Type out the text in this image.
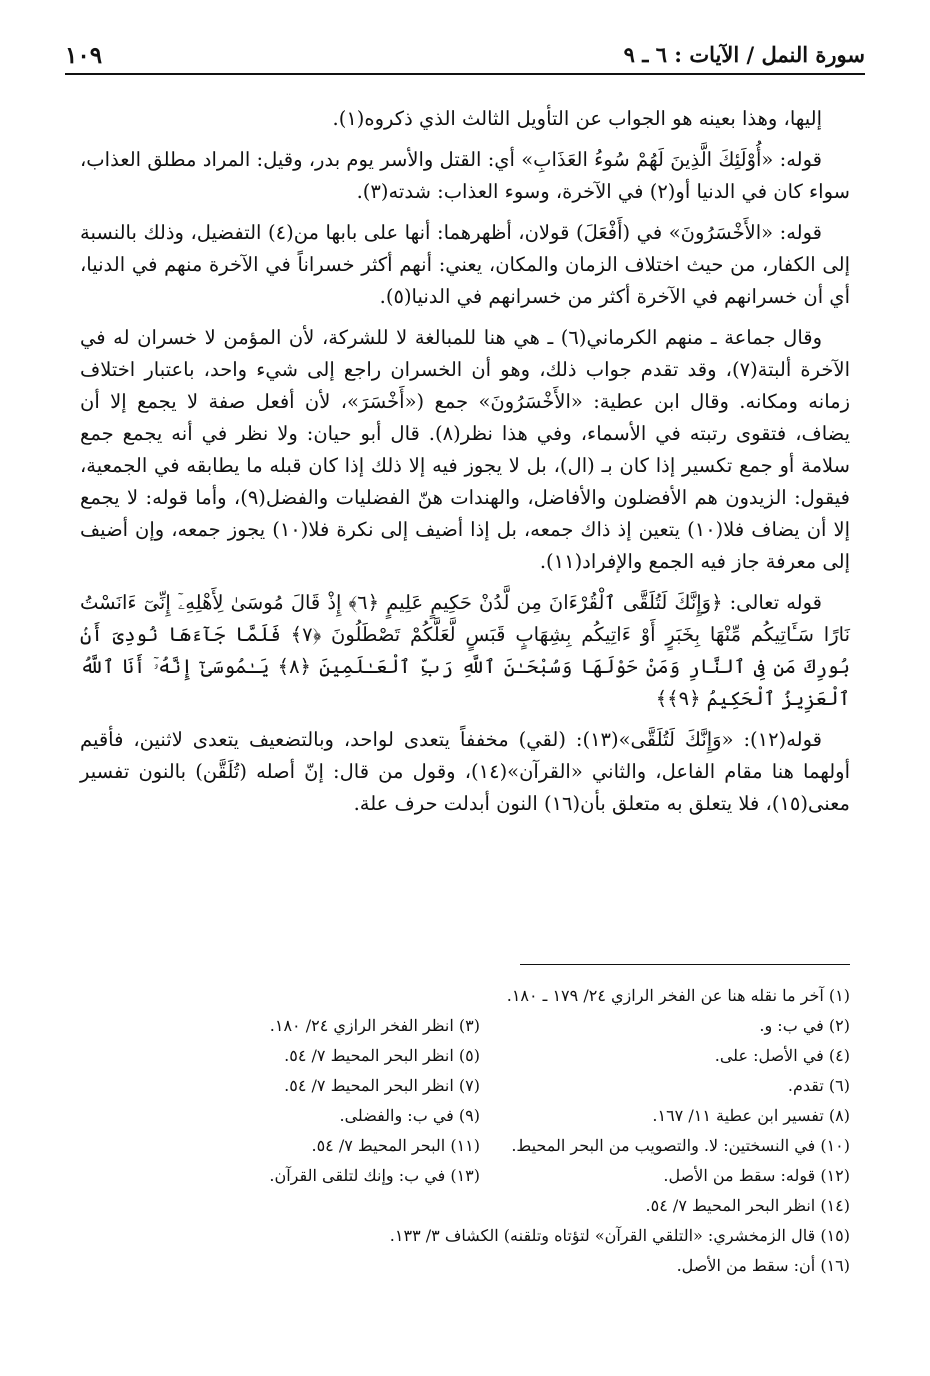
١٠٩	سورة النمل / الآيات : ٦ ـ ٩

إليها، وهذا بعينه هو الجواب عن التأويل الثالث الذي ذكروه(١).

قوله: «أُوْلَئِكَ الَّذِينَ لَهُمْ سُوءُ العَذَابِ» أي: القتل والأسر يوم بدر، وقيل: المراد مطلق العذاب، سواء كان في الدنيا أو(٢) في الآخرة، وسوء العذاب: شدته(٣).

قوله: «الأَخْسَرُونَ» في (أَفْعَلَ) قولان، أظهرهما: أنها على بابها من(٤) التفضيل، وذلك بالنسبة إلى الكفار، من حيث اختلاف الزمان والمكان، يعني: أنهم أكثر خسراناً في الآخرة منهم في الدنيا، أي أن خسرانهم في الآخرة أكثر من خسرانهم في الدنيا(٥).

وقال جماعة ـ منهم الكرماني(٦) ـ هي هنا للمبالغة لا للشركة، لأن المؤمن لا خسران له في الآخرة ألبتة(٧)، وقد تقدم جواب ذلك، وهو أن الخسران راجع إلى شيء واحد، باعتبار اختلاف زمانه ومكانه. وقال ابن عطية: «الأَخْسَرُونَ» جمع («أَخْسَرَ»، لأن أفعل صفة لا يجمع إلا أن يضاف، فتقوى رتبته في الأسماء، وفي هذا نظر(٨). قال أبو حيان: ولا نظر في أنه يجمع جمع سلامة أو جمع تكسير إذا كان بـ (ال)، بل لا يجوز فيه إلا ذلك إذا كان قبله ما يطابقه في الجمعية، فيقول: الزيدون هم الأفضلون والأفاضل، والهندات هنّ الفضليات والفضل(٩)، وأما قوله: لا يجمع إلا أن يضاف فلا(١٠) يتعين إذ ذاك جمعه، بل إذا أضيف إلى نكرة فلا(١٠) يجوز جمعه، وإن أضيف إلى معرفة جاز فيه الجمع والإفراد(١١).

قوله تعالى: ﴿وَإِنَّكَ لَتُلَقَّى ٱلْقُرْءَانَ مِن لَّدُنْ حَكِيمٍ عَلِيمٍ ﴿٦﴾ إِذْ قَالَ مُوسَىٰ لِأَهْلِهِۦٓ إِنِّىٓ ءَانَسْتُ نَارًا سَـَٔاتِيكُم مِّنْهَا بِخَبَرٍ أَوْ ءَاتِيكُم بِشِهَابٍ قَبَسٍ لَّعَلَّكُمْ تَصْطَلُونَ ﴿٧﴾ فَلَمَّا جَآءَهَا نُودِىَ أَنۢ بُورِكَ مَن فِى ٱلنَّارِ وَمَنْ حَوْلَهَا وَسُبْحَـٰنَ ٱللَّهِ رَبِّ ٱلْعَـٰلَمِينَ ﴿٨﴾ يَـٰمُوسَىٰٓ إِنَّهُۥٓ أَنَا ٱللَّهُ ٱلْعَزِيزُ ٱلْحَكِيمُ ﴿٩﴾﴾

قوله(١٢): «وَإِنَّكَ لَتُلَقَّى»(١٣): (لقي) مخففاً يتعدى لواحد، وبالتضعيف يتعدى لاثنين، فأقيم أولهما هنا مقام الفاعل، والثاني «القرآن»(١٤)، وقول من قال: إنّ أصله (تُلَقَّن) بالنون تفسير معنى(١٥)، فلا يتعلق به متعلق بأن(١٦) النون أبدلت حرف علة.

(١) آخر ما نقله هنا عن الفخر الرازي ٢٤/ ١٧٩ ـ ١٨٠.
(٢) في ب: و.
(٣) انظر الفخر الرازي ٢٤/ ١٨٠.
(٤) في الأصل: على.
(٥) انظر البحر المحيط ٧/ ٥٤.
(٦) تقدم.
(٧) انظر البحر المحيط ٧/ ٥٤.
(٨) تفسير ابن عطية ١١/ ١٦٧.
(٩) في ب: والفضلى.
(١٠) في النسختين: لا. والتصويب من البحر المحيط.
(١١) البحر المحيط ٧/ ٥٤.
(١٢) قوله: سقط من الأصل.
(١٣) في ب: وإنك لتلقى القرآن.
(١٤) انظر البحر المحيط ٧/ ٥٤.
(١٥) قال الزمخشري: «التلقي القرآن» لتؤتاه وتلقنه) الكشاف ٣/ ١٣٣.
(١٦) أن: سقط من الأصل.
